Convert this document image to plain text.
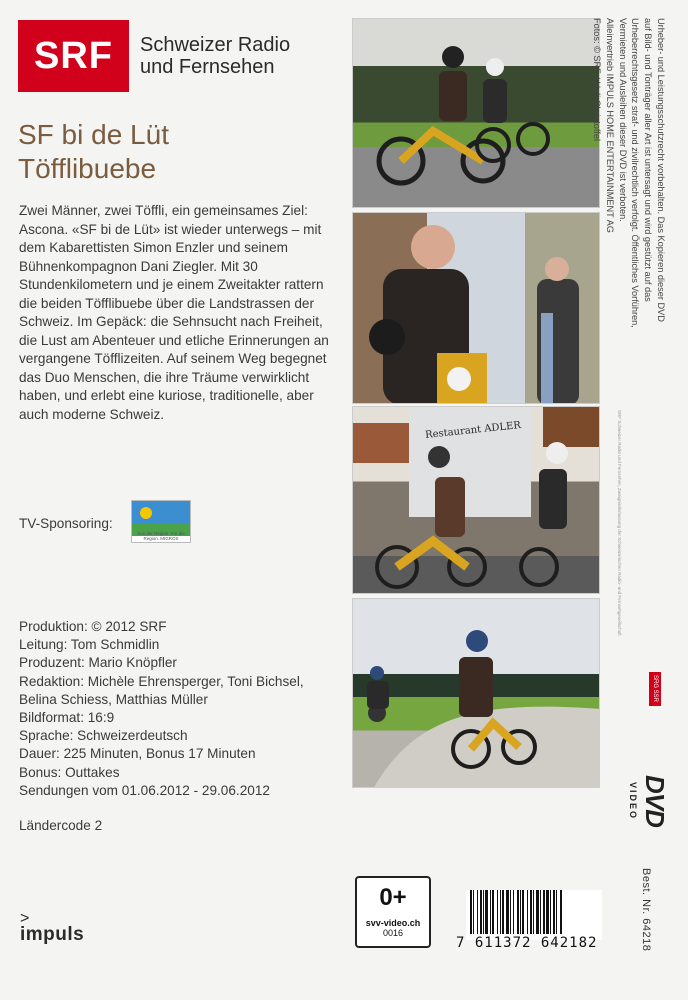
SRF	Schweizer Radio
und Fernsehen
SF bi de Lüt
Töfflibuebe
Zwei Männer, zwei Töffli, ein gemeinsames Ziel: Ascona. «SF bi de Lüt» ist wieder unterwegs – mit dem Kabarettisten Simon Enzler und seinem Bühnenkompagnon Dani Ziegler. Mit 30 Stundenkilometern und je einem Zweitakter rattern die beiden Töfflibuebe über die Landstrassen der Schweiz. Im Gepäck: die Sehnsucht nach Freiheit, die Lust am Abenteuer und etliche Erinnerungen an vergangene Töfflizeiten. Auf seinem Weg begegnet das Duo Menschen, die ihre Träume verwirklicht haben, und erlebt eine kuriose, traditionelle, aber auch moderne Schweiz.
TV-Sponsoring:
Aus der Region. Für die Region. MIGROS
Produktion: © 2012 SRF
Leitung: Tom Schmidlin
Produzent: Mario Knöpfler
Redaktion: Michèle Ehrensperger, Toni Bichsel,
Belina Schiess, Matthias Müller
Bildformat: 16:9
Sprache: Schweizerdeutsch
Dauer: 225 Minuten, Bonus 17 Minuten
Bonus: Outtakes
Sendungen vom 01.06.2012 - 29.06.2012
Ländercode 2
>
impuls
Restaurant ADLER
Urheber- und Leistungsschutzrecht vorbehalten. Das Kopieren dieser DVD
auf Bild- und Tonträger aller Art ist untersagt und wird gestützt auf das
Urheberrechtsgesetz straf- und zivilrechtlich verfolgt. Öffentliches Vorführen,
Vermieten und Ausleihen dieser DVD ist verboten.
Alleinvertrieb IMPULS HOME ENTERTAINMENT AG
Fotos: © SRF / Ueli Christoffel
SRF Schweizer Radio und Fernsehen, Zweigniederlassung der Schweizerischen Radio- und Fernsehgesellschaft
SRG SSR
DVD
VIDEO
Best. Nr. 64218
0+
svv-video.ch
0016
7 611372 642182
